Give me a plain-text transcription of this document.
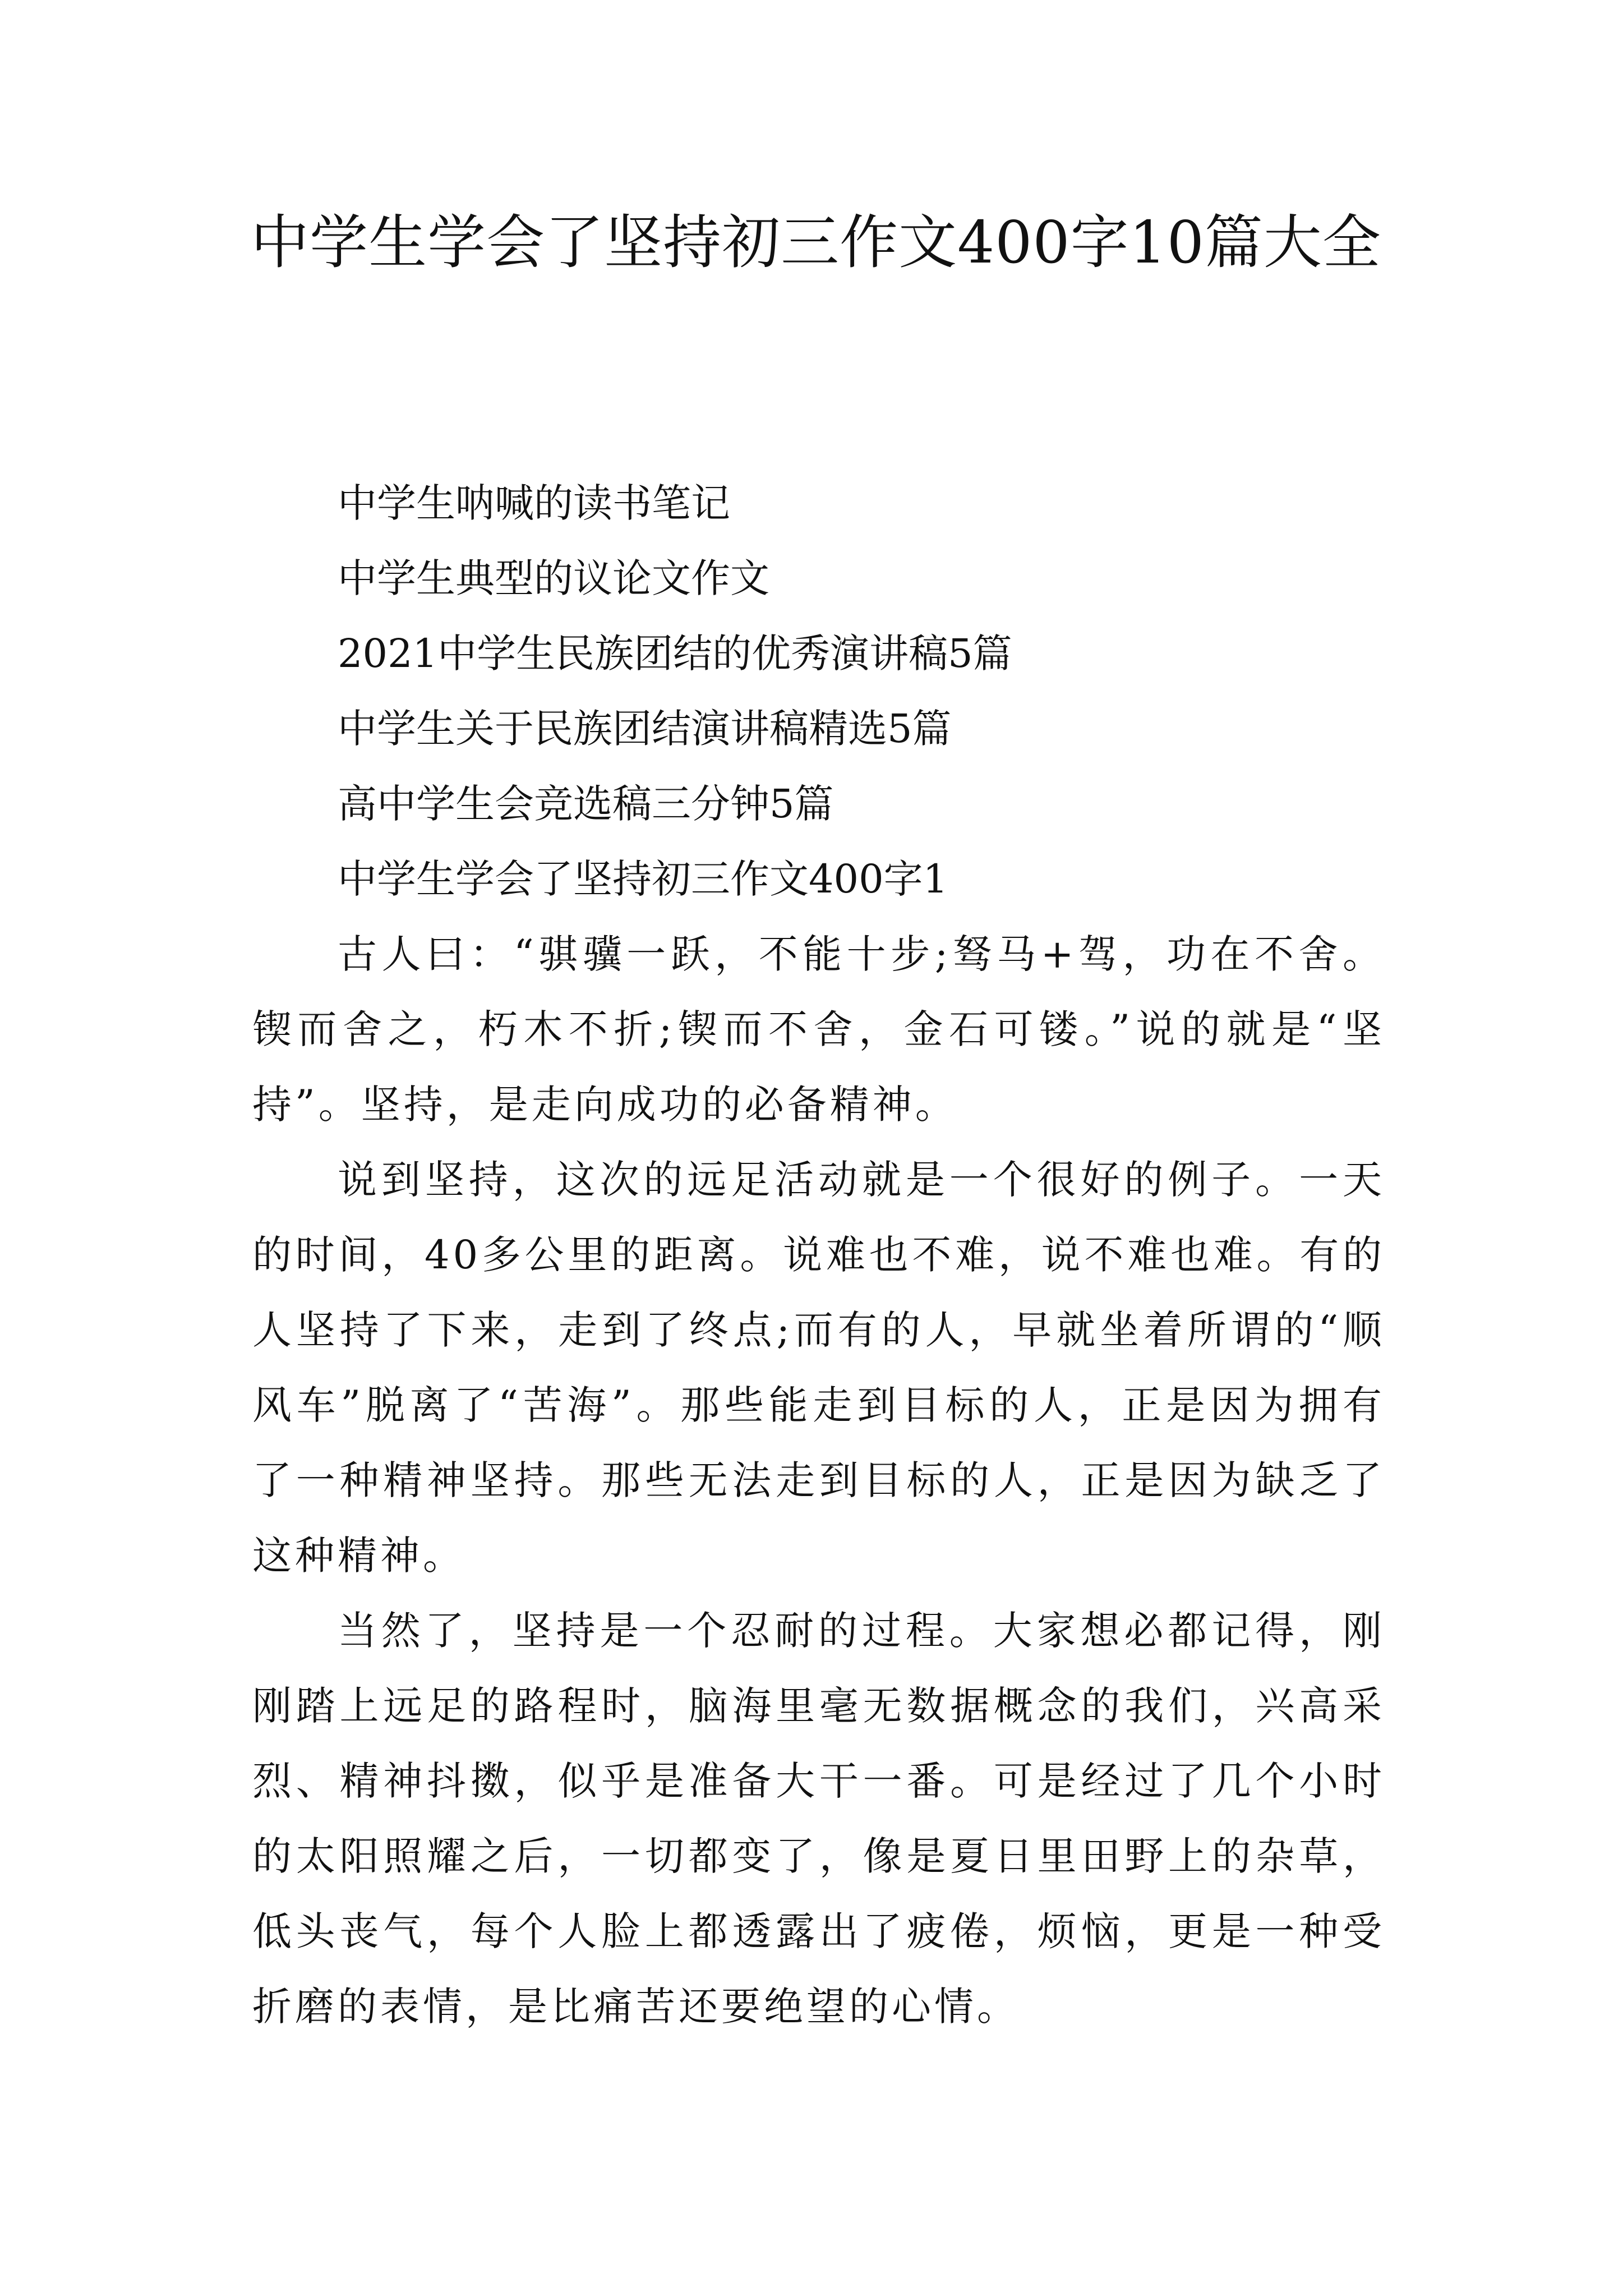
中学生学会了坚持初三作文400字10篇大全

中学生呐喊的读书笔记

中学生典型的议论文作文

2021中学生民族团结的优秀演讲稿5篇

中学生关于民族团结演讲稿精选5篇

高中学生会竞选稿三分钟5篇

中学生学会了坚持初三作文400字1

古人曰：“骐骥一跃，不能十步;驽马+驾，功在不舍。锲而舍之，朽木不折;锲而不舍，金石可镂。”说的就是“坚持”。坚持，是走向成功的必备精神。

说到坚持，这次的远足活动就是一个很好的例子。一天的时间，40多公里的距离。说难也不难，说不难也难。有的人坚持了下来，走到了终点;而有的人，早就坐着所谓的“顺风车”脱离了“苦海”。那些能走到目标的人，正是因为拥有了一种精神坚持。那些无法走到目标的人，正是因为缺乏了这种精神。

当然了，坚持是一个忍耐的过程。大家想必都记得，刚刚踏上远足的路程时，脑海里毫无数据概念的我们，兴高采烈、精神抖擞，似乎是准备大干一番。可是经过了几个小时的太阳照耀之后，一切都变了，像是夏日里田野上的杂草，低头丧气，每个人脸上都透露出了疲倦，烦恼，更是一种受折磨的表情，是比痛苦还要绝望的心情。
